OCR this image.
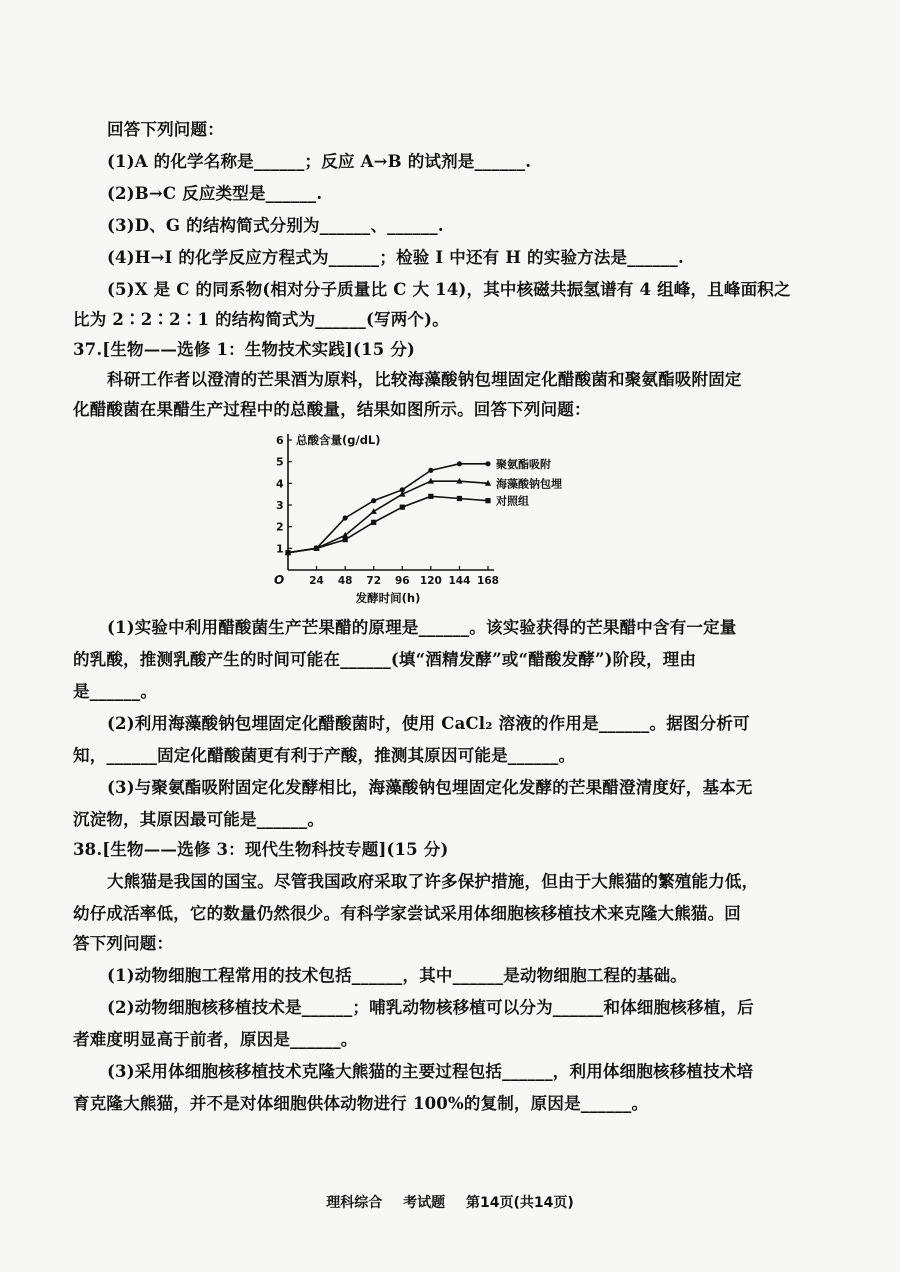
回答下列问题：
(1)A 的化学名称是______；反应 A→B 的试剂是______.
(2)B→C 反应类型是______.
(3)D、G 的结构简式分别为______、______.
(4)H→I 的化学反应方程式为______；检验 I 中还有 H 的实验方法是______.
(5)X 是 C 的同系物(相对分子质量比 C 大 14)，其中核磁共振氢谱有 4 组峰，且峰面积之
比为 2∶2∶2∶1 的结构简式为______(写两个)。
37.[生物——选修 1：生物技术实践](15 分)
科研工作者以澄清的芒果酒为原料，比较海藻酸钠包埋固定化醋酸菌和聚氨酯吸附固定
化醋酸菌在果醋生产过程中的总酸量，结果如图所示。回答下列问题：
O
1
2
3
4
5
6
24 48 72 96 120 144 168
总酸含量(g/dL)
发酵时间(h)
聚氨酯吸附
海藻酸钠包埋
对照组
(1)实验中利用醋酸菌生产芒果醋的原理是______。该实验获得的芒果醋中含有一定量
的乳酸，推测乳酸产生的时间可能在______(填“酒精发酵”或“醋酸发酵”)阶段，理由
是______。
(2)利用海藻酸钠包埋固定化醋酸菌时，使用 CaCl₂ 溶液的作用是______。据图分析可
知，______固定化醋酸菌更有利于产酸，推测其原因可能是______。
(3)与聚氨酯吸附固定化发酵相比，海藻酸钠包埋固定化发酵的芒果醋澄清度好，基本无
沉淀物，其原因最可能是______。
38.[生物——选修 3：现代生物科技专题](15 分)
大熊猫是我国的国宝。尽管我国政府采取了许多保护措施，但由于大熊猫的繁殖能力低，
幼仔成活率低，它的数量仍然很少。有科学家尝试采用体细胞核移植技术来克隆大熊猫。回
答下列问题：
(1)动物细胞工程常用的技术包括______，其中______是动物细胞工程的基础。
(2)动物细胞核移植技术是______；哺乳动物核移植可以分为______和体细胞核移植，后
者难度明显高于前者，原因是______。
(3)采用体细胞核移植技术克隆大熊猫的主要过程包括______，利用体细胞核移植技术培
育克隆大熊猫，并不是对体细胞供体动物进行 100%的复制，原因是______。
理科综合 考试题 第14页(共14页)
